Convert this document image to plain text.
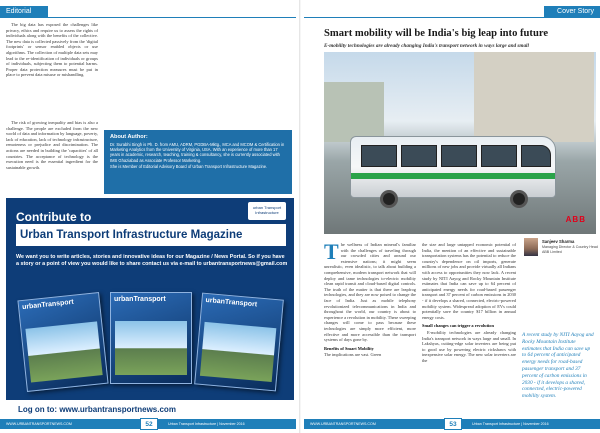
Editorial

The big data has exposed the challenges like privacy, ethics and require us to assess the rights of individuals along with the benefits of the collective. The new data is collected passively from the 'digital footprints' or sensor enabled objects or use algorithms. The collection of multiple data sets may lead to the re-identification of individuals or groups of individuals, subjecting them to potential harms. Proper data protection measures must be put in place to prevent data misuse or mishandling.

The risk of growing inequality and bias is also a challenge. The people are excluded from the new world of data and information by language, poverty, lack of education, lack of technology infrastructure, remoteness or prejudice and discrimination. The actions are needed in building the 'capacities' of all countries. The acceptance of technology is the execution need is the essential ingredient for the sustainable growth.

About Author:
Dr. Surabhi Singh is Ph. D. from AMU, ADRM, PGDBA-Mktg., MCA and MCOM & Certification in Marketing Analytics from the University of Virginia, USA. With an experience of more than 17 years in academic, research, teaching, training & consultancy, she is currently associated with IMS Ghaziabad as Associate Professor Marketing.
She is Member of Editorial Advisory Board of Urban Transport Infrastructure Magazine.
urban Transport Infrastructure
Contribute to
Urban Transport Infrastructure Magazine
We want you to write articles, stories and innovative ideas for our Magazine / News Portal. So if you have a story or a point of view you would like to share contact us via e-mail to urbantransportnews@gmail.com
urbanTransport	urbanTransport	urbanTransport
Log on to: www.urbantransportnews.com
WWW.URBANTRANSPORTNEWS.COM	52	Urban Transport Infrastructure | November 2016
Cover Story
Smart mobility will be India's big leap into future
E-mobility technologies are already changing India's transport network in ways large and small
ABB

The wellness of Indian mineral's familiar with the challenges of traveling through our crowded cities and around our extensive nations; it might seem unrealistic, even idealistic, to talk about building a comprehensive, modern transport network that will deploy and tame technologies to-electric mobility clean rapid transit and cloud-based digital controls. The truth of the matter is that there are leapfrog technologies, and they are now poised to change the face of India. Just as mobile telephony revolutionized telecommunications in India and throughout the world, our country is about to experience a revolution in mobility. These sweeping changes will come to pass because these technologies are simply more efficient, more effective and more accessible than the transport systems of days gone by.

Benefits of Smart Mobility

The implications are vast. Green

the size and large untapped economic potential of India, the mention of an effective and sustainable transportation systems has the potential to reduce the country's dependence on oil imports, generate millions of new jobs and provide virtually all Indians with access to opportunities they now lack. A recent study by NITI Aayog and Rocky Mountain Institute estimates that India can save up to 64 percent of anticipated energy needs for road-based passenger transport and 37 percent of carbon emissions in 2030 - if it develops a shared, connected, electric-powered mobility system. Widespread adoption of EVs could potentially save the country $17 billion in annual energy costs.

Small changes can trigger a revolution

E-mobility technologies are already changing India's transport network in ways large and small. In Lakshyas, cutting-edge solar inverters are being put to good use by powering electric rickshaws with inexpensive solar energy. The new solar inverters are the

Sanjeev Sharma
Managing Director & Country Head ABB Limited
A recent study by NITI Aayog and Rocky Mountain Institute estimates that India can save up to 64 percent of anticipated energy needs for road-based passenger transport and 37 percent of carbon emissions in 2030 - if it develops a shared, connected, electric-powered mobility system.
WWW.URBANTRANSPORTNEWS.COM	53	Urban Transport Infrastructure | November 2016
